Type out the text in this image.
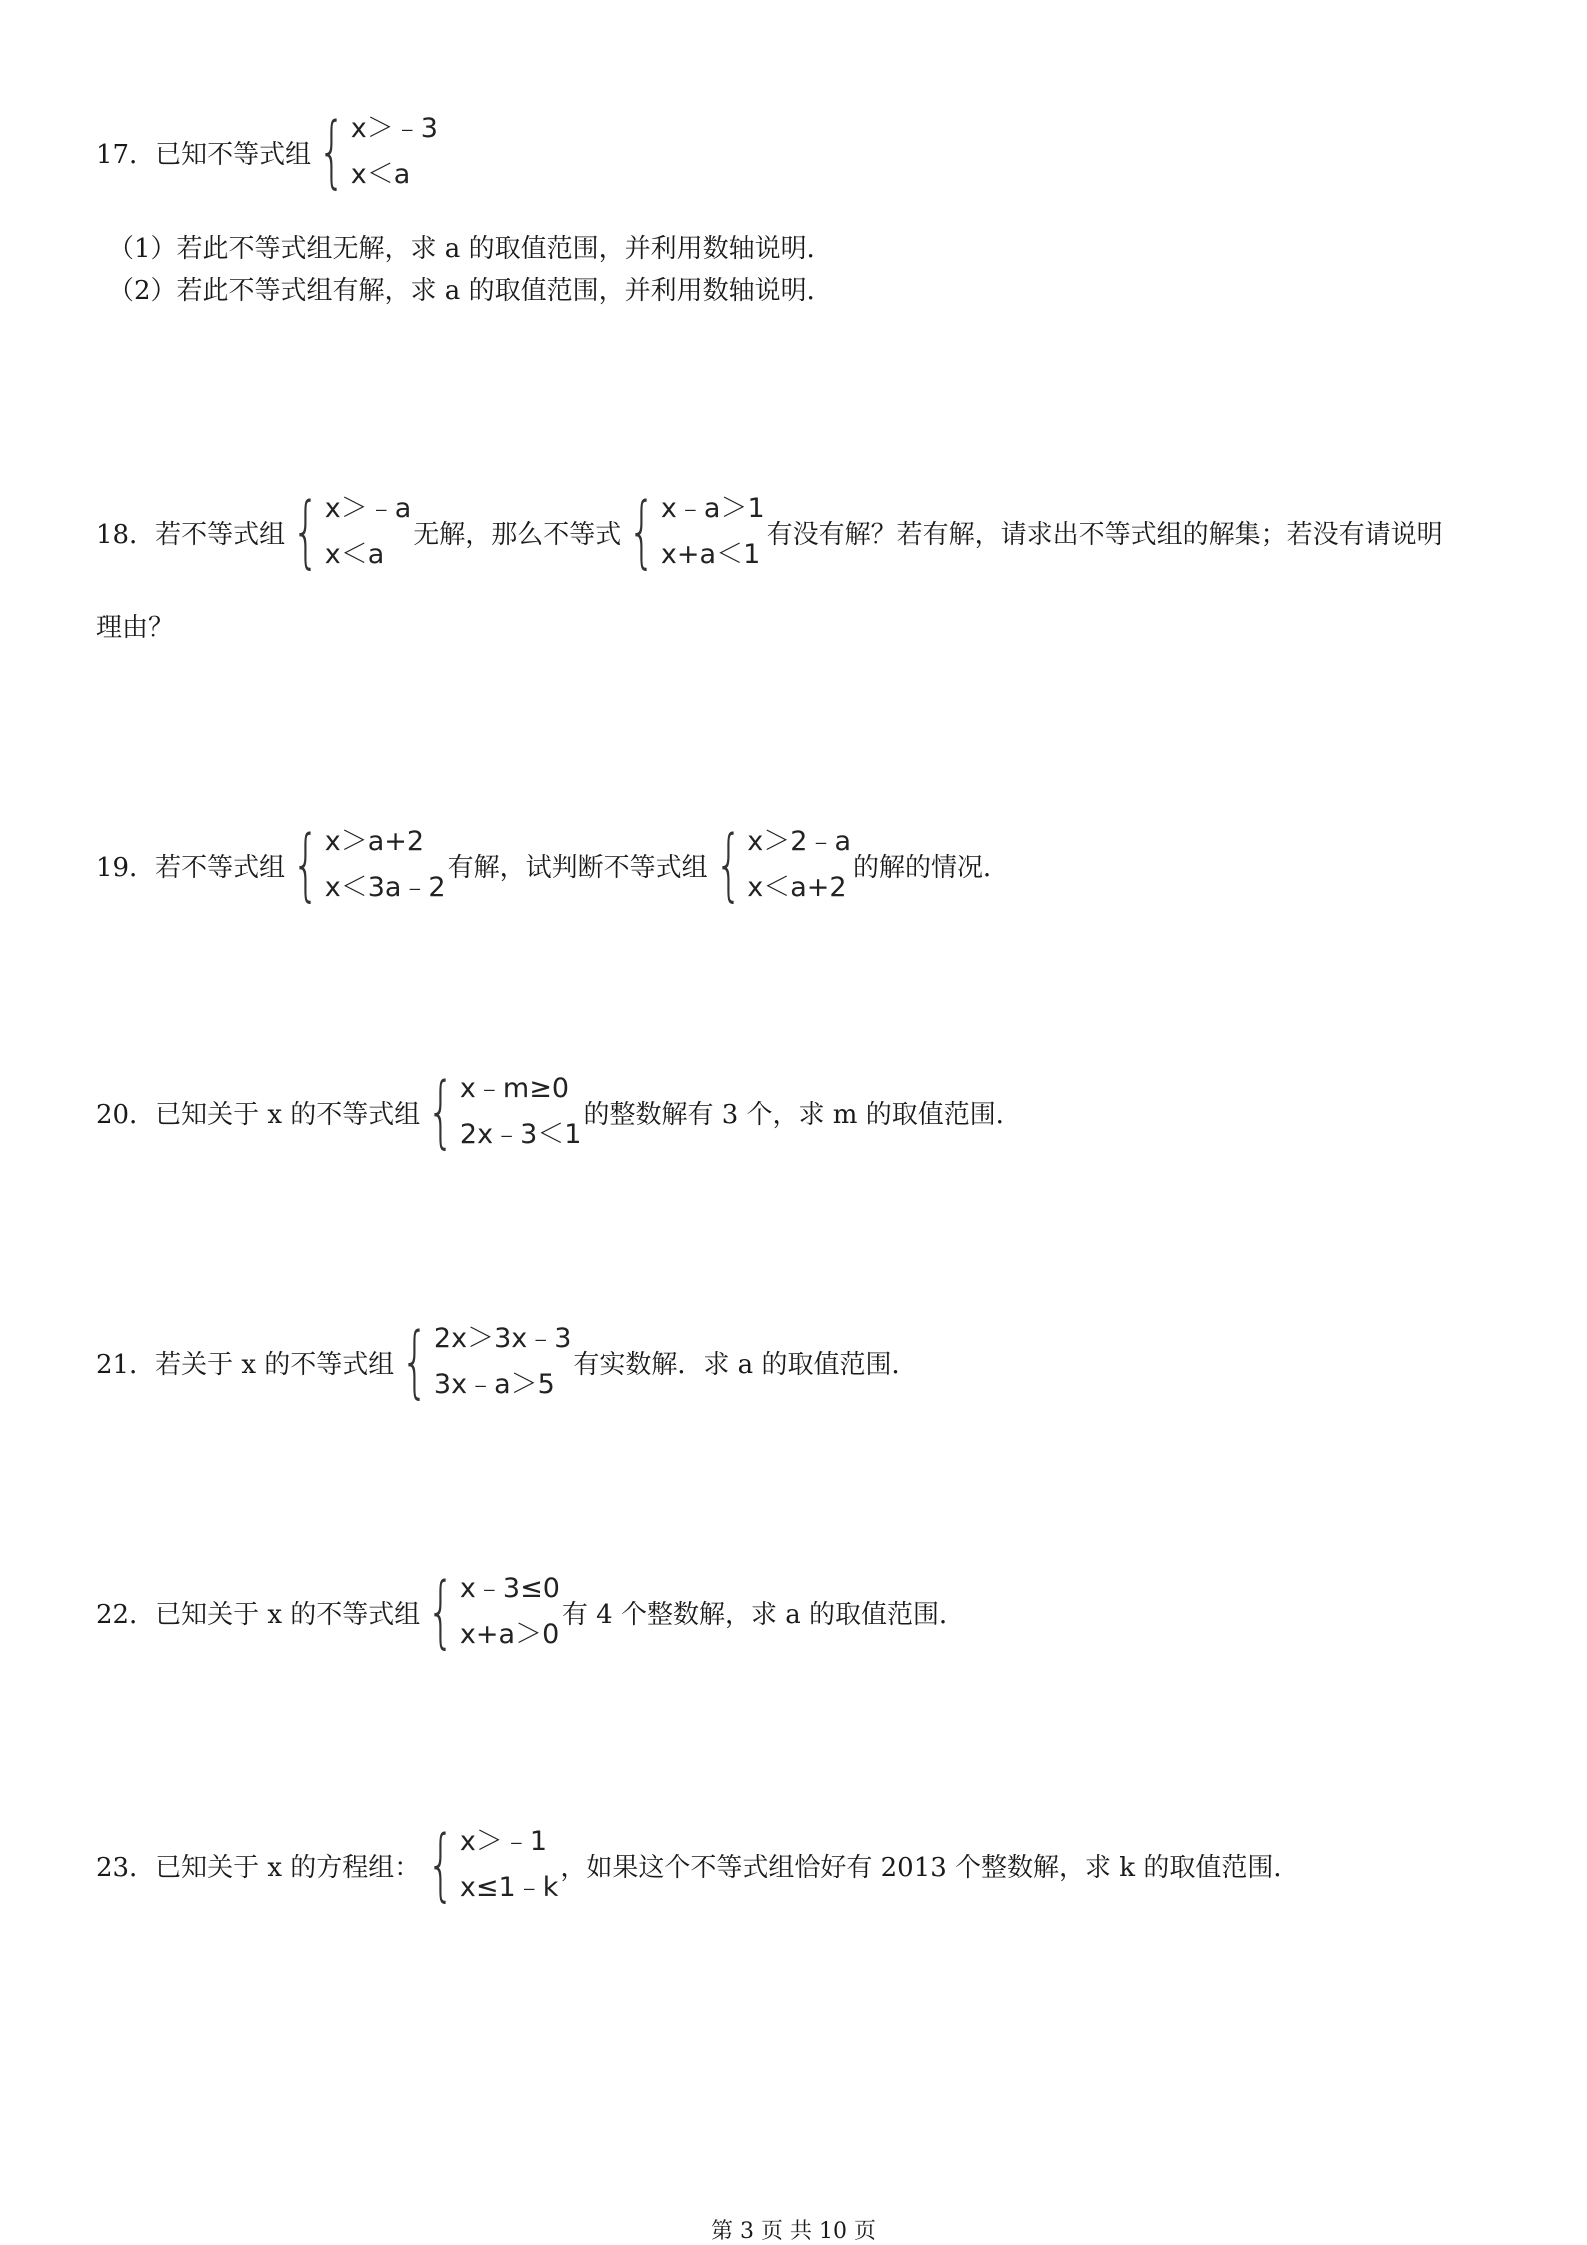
17．已知不等式组 { x＞﹣3
x＜a
（1）若此不等式组无解，求 a 的取值范围，并利用数轴说明．
（2）若此不等式组有解，求 a 的取值范围，并利用数轴说明．
18．若不等式组 { x＞﹣a
x＜a
无解，那么不等式 { x﹣a＞1
x+a＜1
有没有解？若有解，请求出不等式组的解集；若没有请说明
理由？
19．若不等式组 { x＞a+2
x＜3a﹣2
有解，试判断不等式组 { x＞2﹣a
x＜a+2
的解的情况．
20．已知关于 x 的不等式组 { x﹣m≥0
2x﹣3＜1
的整数解有 3 个，求 m 的取值范围．
21．若关于 x 的不等式组 { 2x＞3x﹣3
3x﹣a＞5
有实数解．求 a 的取值范围．
22．已知关于 x 的不等式组 { x﹣3≤0
x+a＞0
有 4 个整数解，求 a 的取值范围．
23．已知关于 x 的方程组： { x＞﹣1
x≤1﹣k
，如果这个不等式组恰好有 2013 个整数解，求 k 的取值范围．
第 3 页 共 10 页
